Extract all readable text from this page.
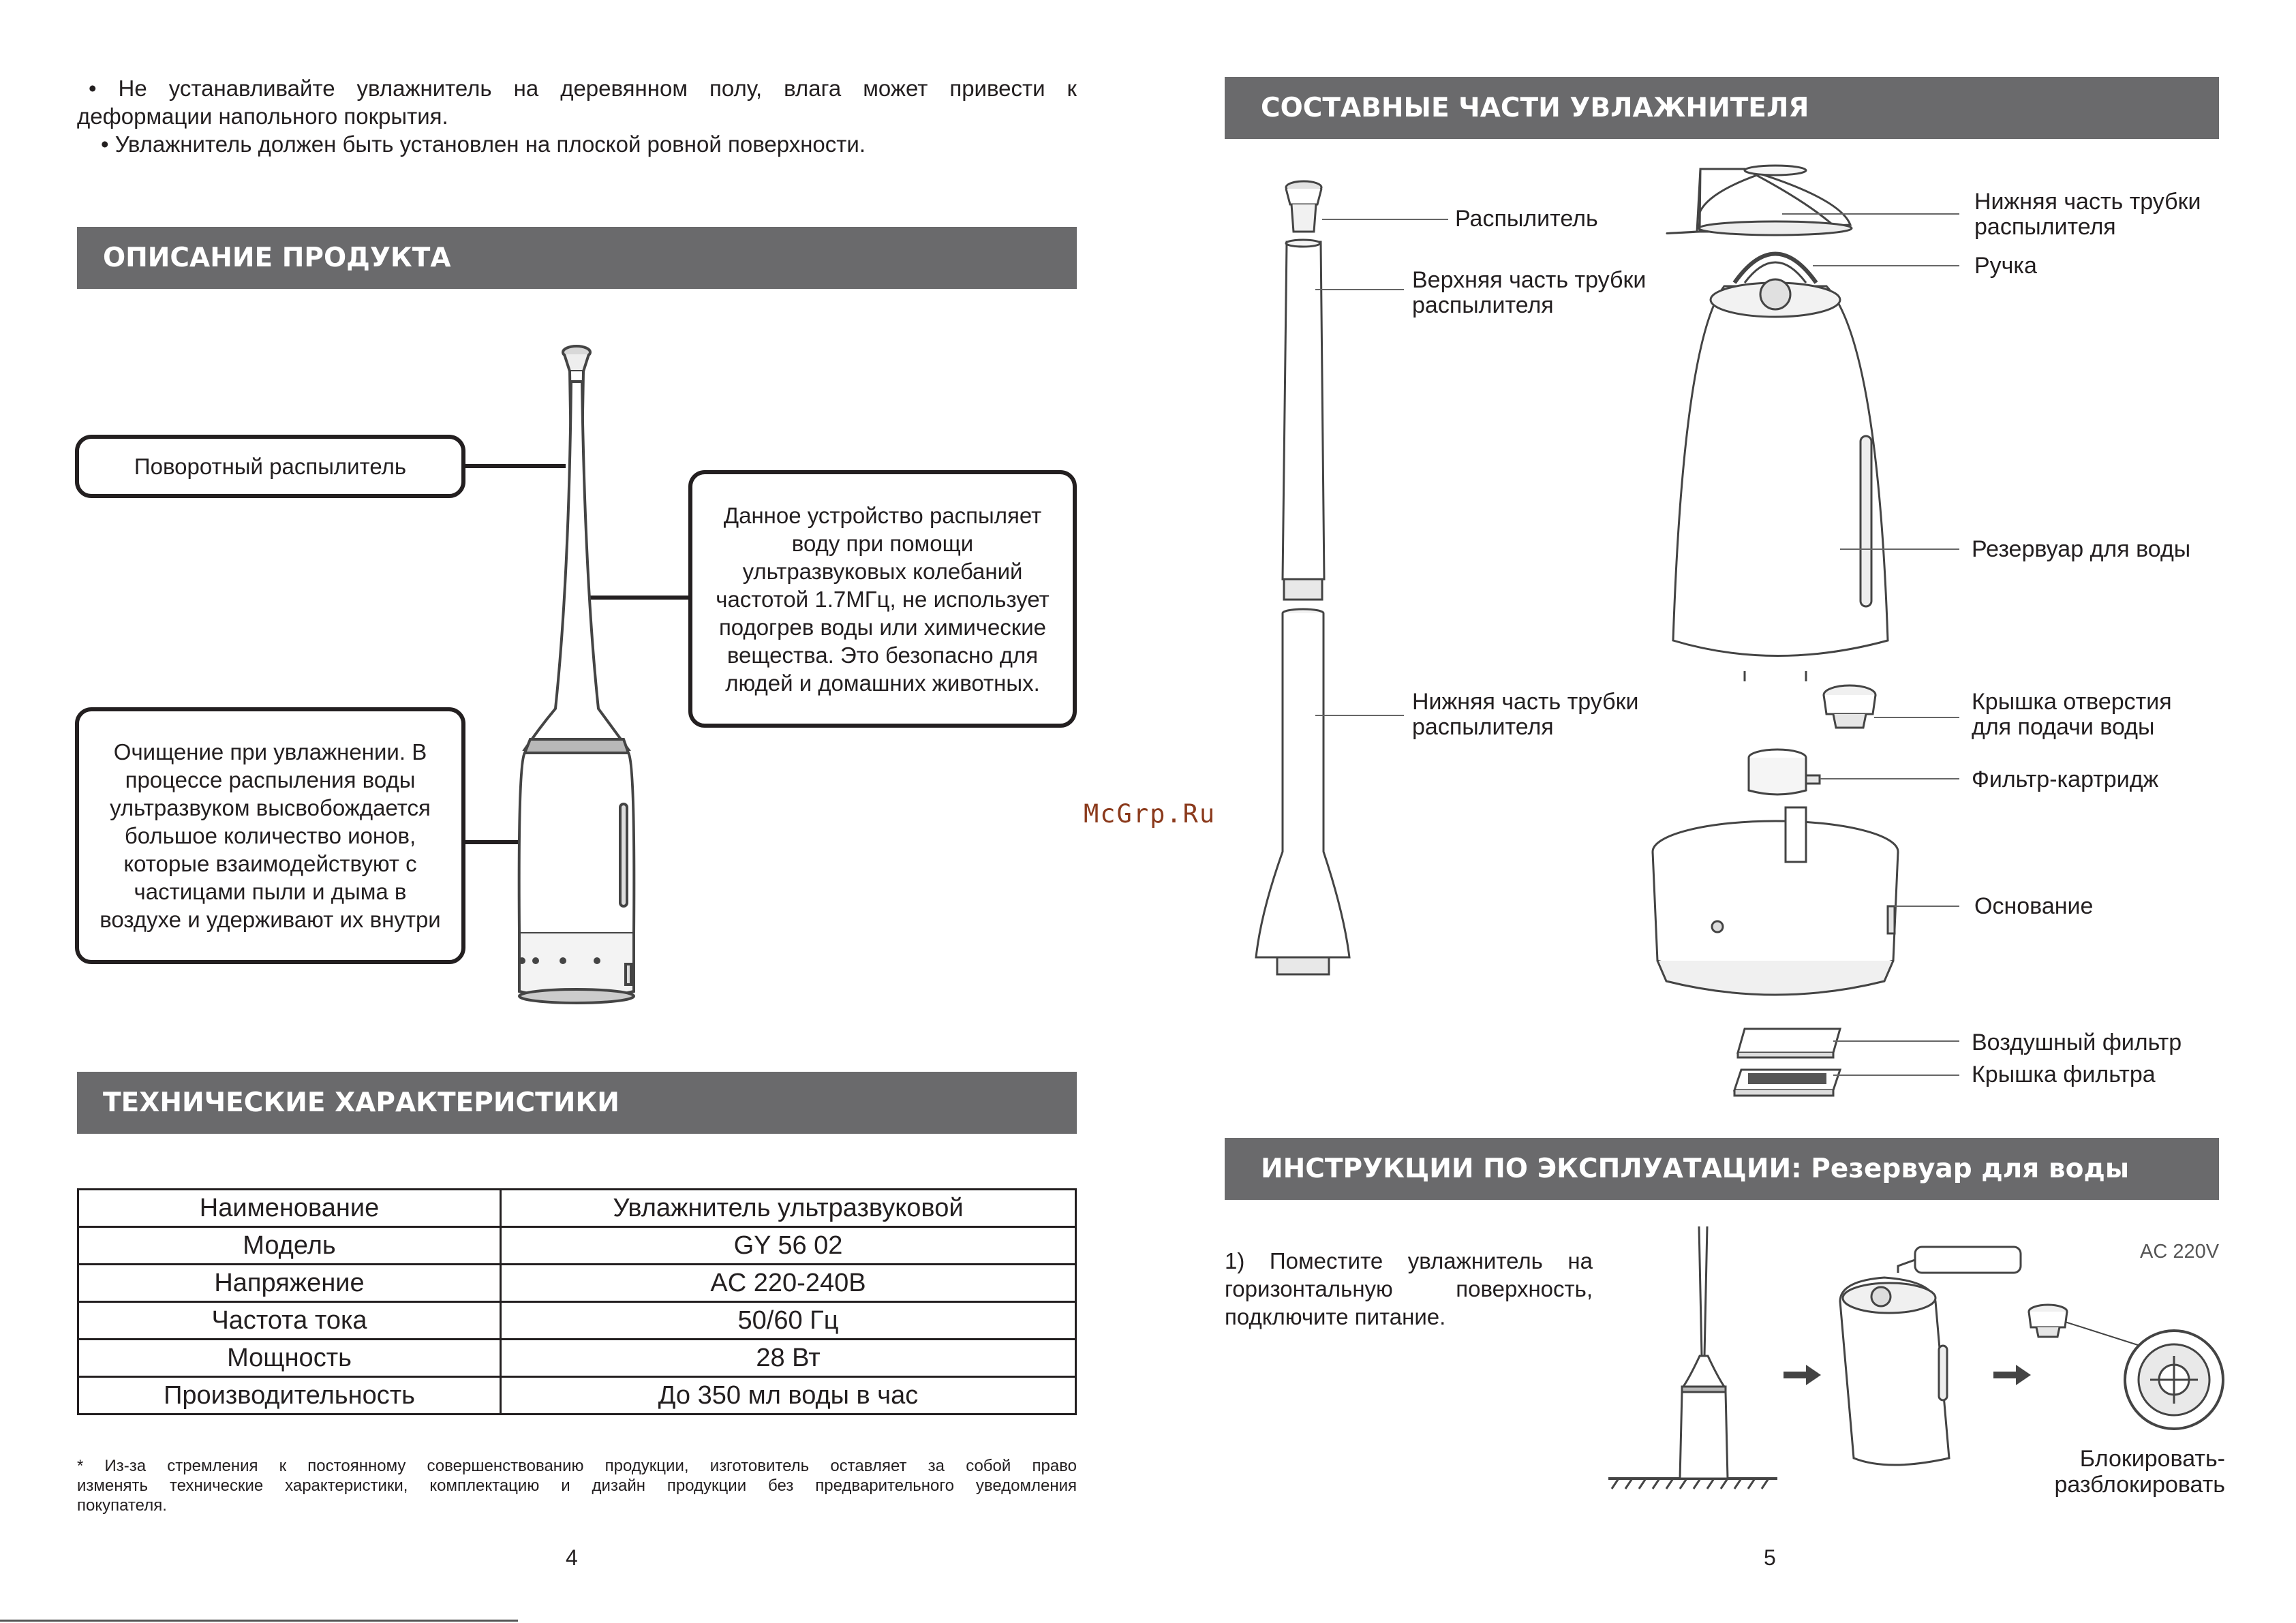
• Не устанавливайте увлажнитель на деревянном полу, влага может привести к
деформации напольного покрытия.
• Увлажнитель должен быть установлен на плоской ровной поверхности.
ОПИСАНИЕ ПРОДУКТА
Поворотный распылитель
Данное устройство распыляет воду при помощи ультразвуковых колебаний частотой 1.7МГц, не использует подогрев воды или химические вещества. Это безопасно для людей и домашних животных.
Очищение при увлажнении. В процессе распыления воды ультразвуком высвобождается большое количество ионов, которые взаимодействуют с частицами пыли и дыма в воздухе и удерживают их внутри
ТЕХНИЧЕСКИЕ ХАРАКТЕРИСТИКИ
Наименование	Увлажнитель ультразвуковой
Модель	GY 56 02
Напряжение	AC 220-240В
Частота тока	50/60 Гц
Мощность	28 Вт
Производительность	До 350 мл воды в час
* Из-за стремления к постоянному совершенствованию продукции, изготовитель оставляет за собой право
изменять технические характеристики, комплектацию и дизайн продукции без предварительного уведомления
покупателя.
4
McGrp.Ru
СОСТАВНЫЕ ЧАСТИ УВЛАЖНИТЕЛЯ
Распылитель
Верхняя часть трубки
распылителя
Нижняя часть трубки
распылителя
Нижняя часть трубки
распылителя
Ручка
Резервуар для воды
Крышка отверстия
для подачи воды
Фильтр-картридж
Основание
Воздушный фильтр
Крышка фильтра
ИНСТРУКЦИИ ПО ЭКСПЛУАТАЦИИ: Резервуар для воды
1) Поместите увлажнитель на
горизонтальную поверхность,
подключите питание.
AC 220V
Блокировать-
разблокировать
5
